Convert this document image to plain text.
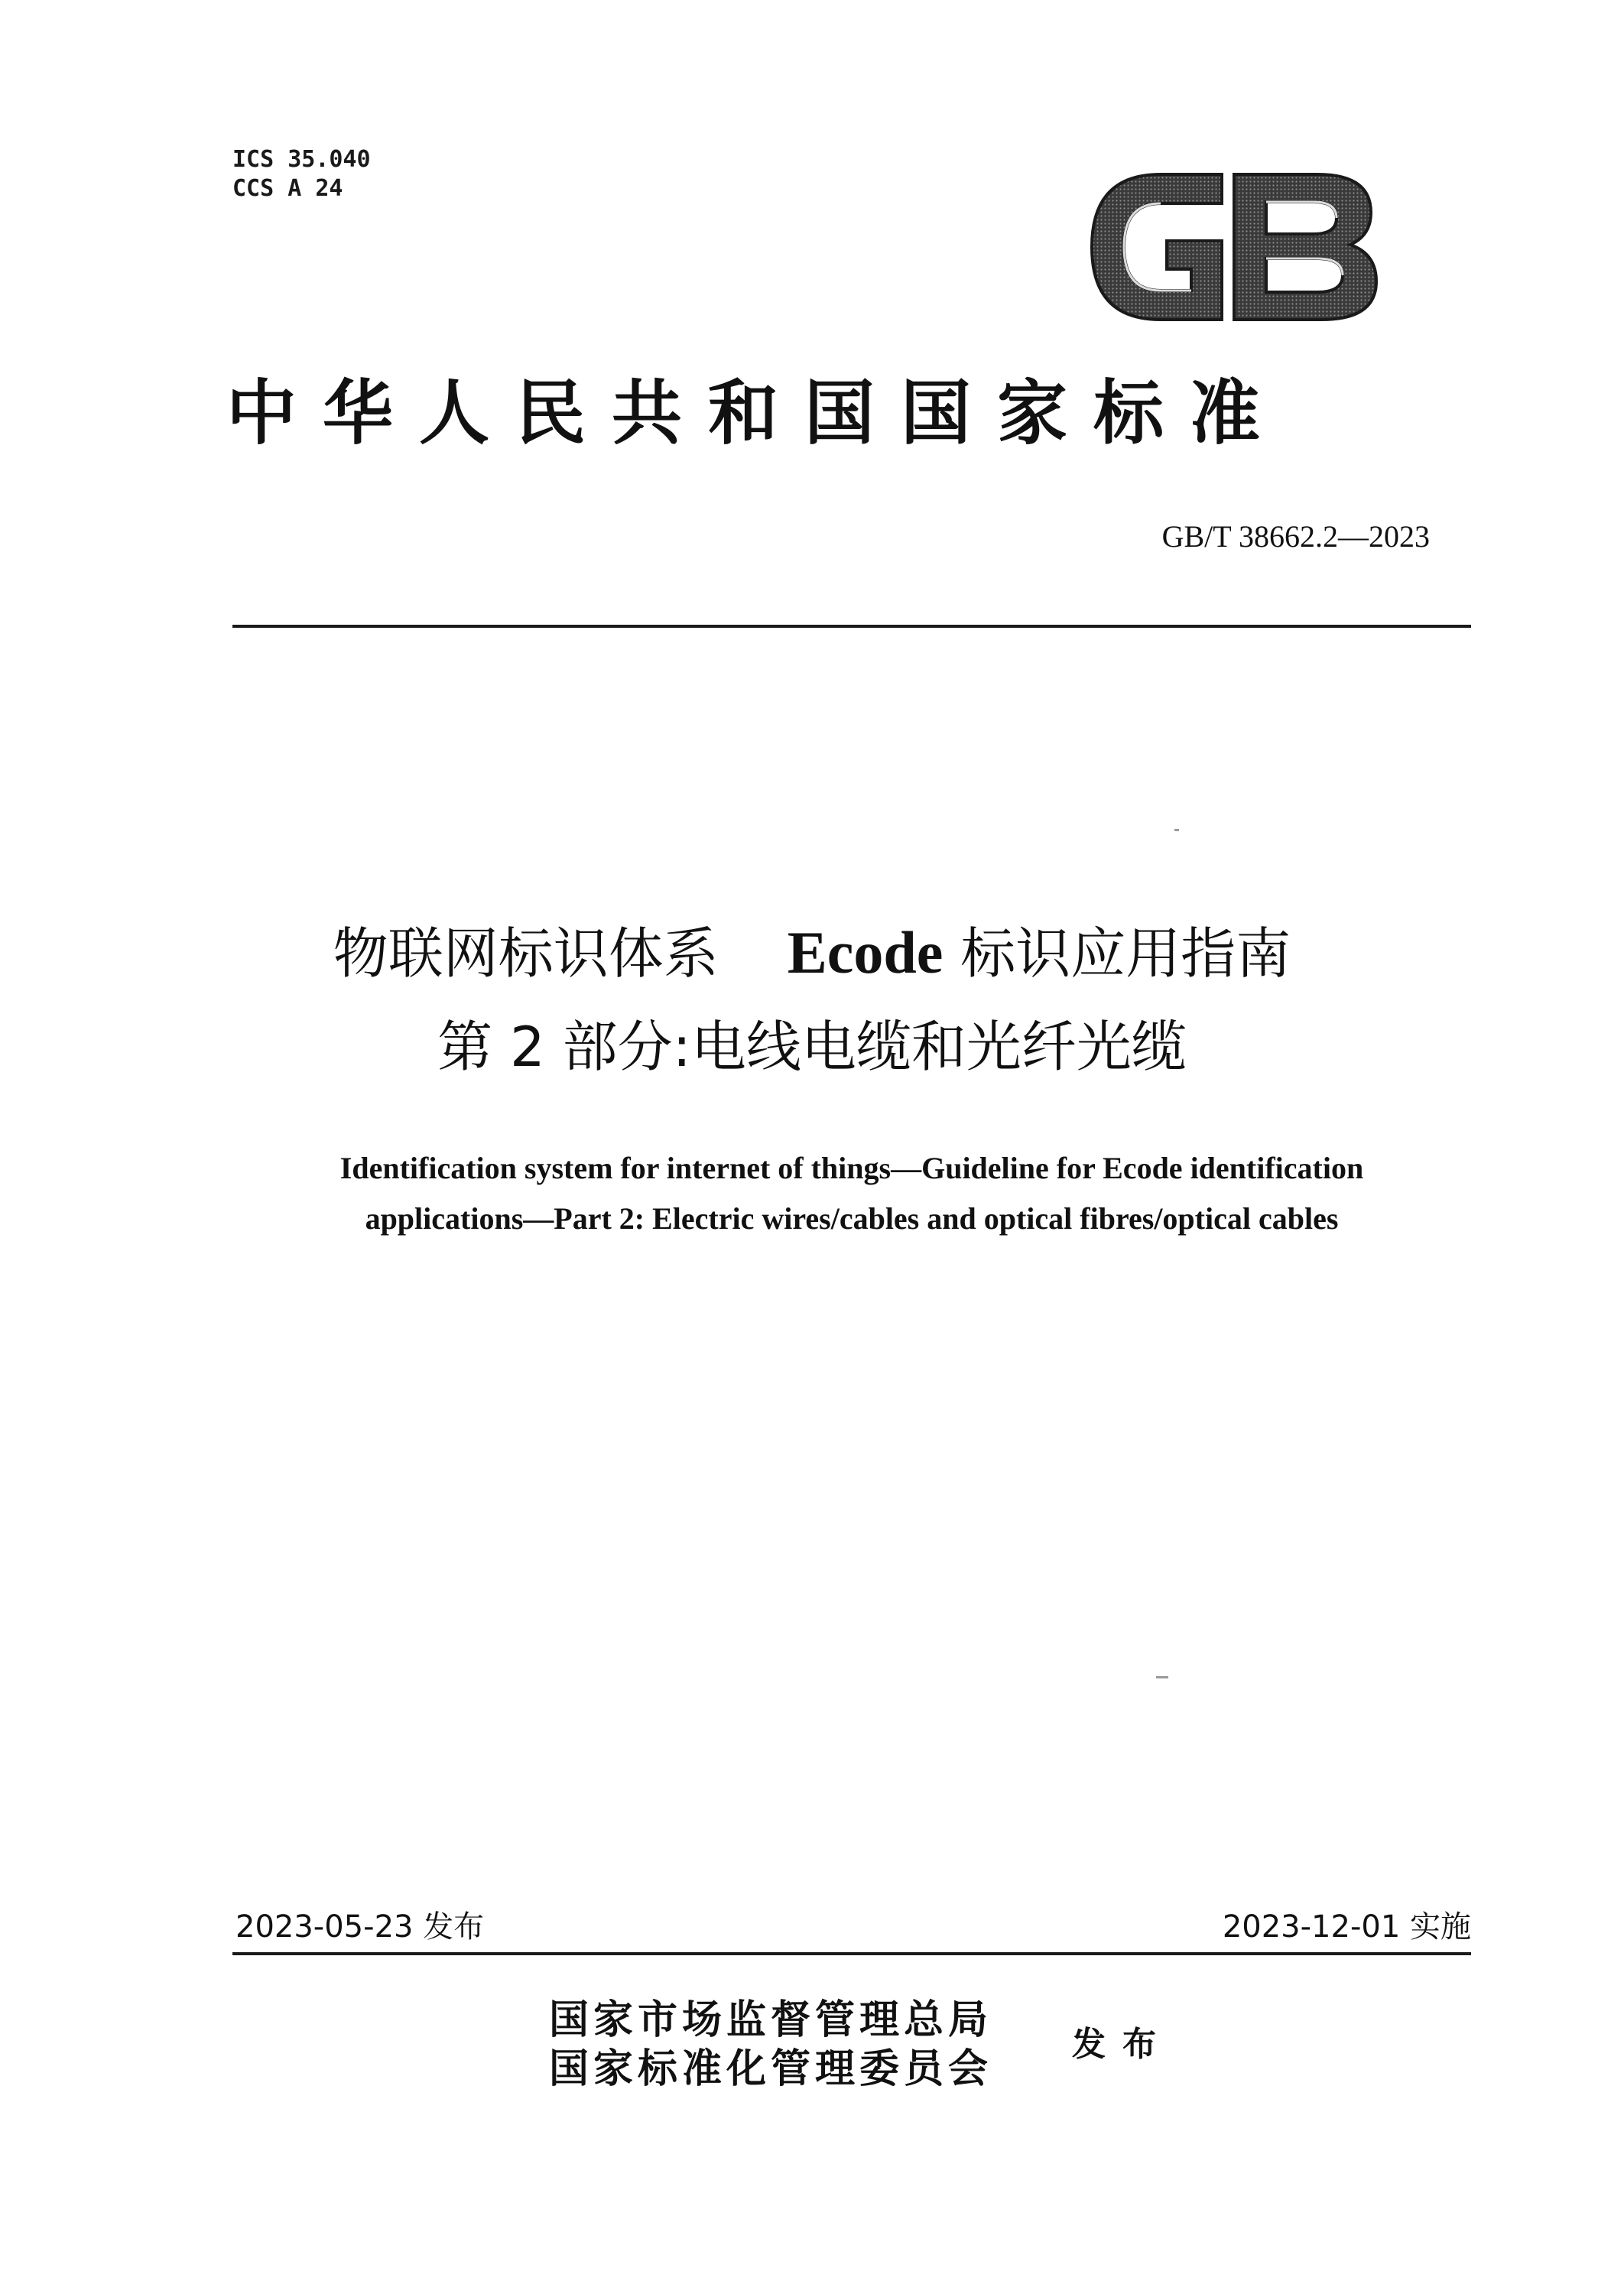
ICS 35.040
CCS A 24
中华人民共和国国家标准
GB/T 38662.2—2023
物联网标识体系 Ecode 标识应用指南
第 2 部分:电线电缆和光纤光缆
Identification system for internet of things—Guideline for Ecode identification
applications—Part 2: Electric wires/cables and optical fibres/optical cables
2023-05-23 发布	2023-12-01 实施
国家市场监督管理总局
国家标准化管理委员会
发布
